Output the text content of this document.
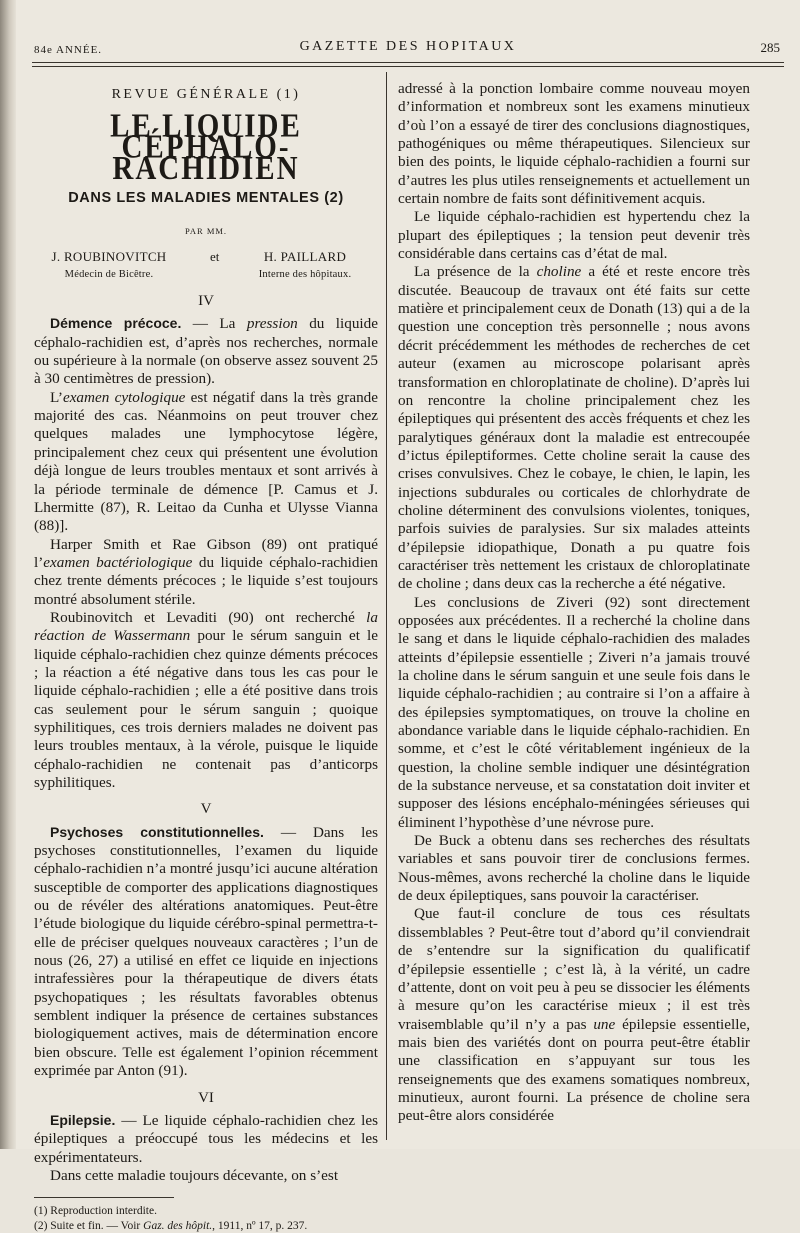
84e ANNÉE.	GAZETTE DES HOPITAUX	285
REVUE GÉNÉRALE (1)
LE LIQUIDE CÉPHALO-RACHIDIEN
DANS LES MALADIES MENTALES (2)
PAR MM.
J. ROUBINOVITCH
Médecin de Bicêtre.
et	H. PAILLARD
Interne des hôpitaux.
IV

Démence précoce. — La pression du liquide céphalo-rachidien est, d’après nos recherches, normale ou supérieure à la normale (on observe assez souvent 25 à 30 centimètres de pression).

L’examen cytologique est négatif dans la très grande majorité des cas. Néanmoins on peut trouver chez quelques malades une lymphocytose légère, principalement chez ceux qui présentent une évolution déjà longue de leurs troubles mentaux et sont arrivés à la période terminale de démence [P. Camus et J. Lhermitte (87), R. Leitao da Cunha et Ulysse Vianna (88)].

Harper Smith et Rae Gibson (89) ont pratiqué l’examen bactériologique du liquide céphalo-rachidien chez trente déments précoces ; le liquide s’est toujours montré absolument stérile.

Roubinovitch et Levaditi (90) ont recherché la réaction de Wassermann pour le sérum sanguin et le liquide céphalo-rachidien chez quinze déments précoces ; la réaction a été négative dans tous les cas pour le liquide céphalo-rachidien ; elle a été positive dans trois cas seulement pour le sérum sanguin ; quoique syphilitiques, ces trois derniers malades ne doivent pas leurs troubles mentaux, à la vérole, puisque le liquide céphalo-rachidien ne contenait pas d’anticorps syphilitiques.

V

Psychoses constitutionnelles. — Dans les psychoses constitutionnelles, l’examen du liquide céphalo-rachidien n’a montré jusqu’ici aucune altération susceptible de comporter des applications diagnostiques ou de révéler des altérations anatomiques. Peut-être l’étude biologique du liquide cérébro-spinal permettra-t-elle de préciser quelques nouveaux caractères ; l’un de nous (26, 27) a utilisé en effet ce liquide en injections intrafessières pour la thérapeutique de divers états psychopatiques ; les résultats favorables obtenus semblent indiquer la présence de certaines substances biologiquement actives, mais de détermination encore bien obscure. Telle est également l’opinion récemment exprimée par Anton (91).

VI

Epilepsie. — Le liquide céphalo-rachidien chez les épileptiques a préoccupé tous les médecins et les expérimentateurs.

Dans cette maladie toujours décevante, on s’est

(1) Reproduction interdite.

(2) Suite et fin. — Voir Gaz. des hôpit., 1911, nº 17, p. 237.

adressé à la ponction lombaire comme nouveau moyen d’information et nombreux sont les examens minutieux d’où l’on a essayé de tirer des conclusions diagnostiques, pathogéniques ou même thérapeutiques. Silencieux sur bien des points, le liquide céphalo-rachidien a fourni sur d’autres les plus utiles renseignements et actuellement un certain nombre de faits sont définitivement acquis.

Le liquide céphalo-rachidien est hypertendu chez la plupart des épileptiques ; la tension peut devenir très considérable dans certains cas d’état de mal.

La présence de la choline a été et reste encore très discutée. Beaucoup de travaux ont été faits sur cette matière et principalement ceux de Donath (13) qui a de la question une conception très personnelle ; nous avons décrit précédemment les méthodes de recherches de cet auteur (examen au microscope polarisant après transformation en chloroplatinate de choline). D’après lui on rencontre la choline principalement chez les épileptiques qui présentent des accès fréquents et chez les paralytiques généraux dont la maladie est entrecoupée d’ictus épileptiformes. Cette choline serait la cause des crises convulsives. Chez le cobaye, le chien, le lapin, les injections subdurales ou corticales de chlorhydrate de choline déterminent des convulsions violentes, toniques, parfois suivies de paralysies. Sur six malades atteints d’épilepsie idiopathique, Donath a pu quatre fois caractériser très nettement les cristaux de chloroplatinate de choline ; dans deux cas la recherche a été négative.

Les conclusions de Ziveri (92) sont directement opposées aux précédentes. Il a recherché la choline dans le sang et dans le liquide céphalo-rachidien des malades atteints d’épilepsie essentielle ; Ziveri n’a jamais trouvé la choline dans le sérum sanguin et une seule fois dans le liquide céphalo-rachidien ; au contraire si l’on a affaire à des épilepsies symptomatiques, on trouve la choline en abondance variable dans le liquide céphalo-rachidien. En somme, et c’est le côté véritablement ingénieux de la question, la choline semble indiquer une désintégration de la substance nerveuse, et sa constatation doit inviter et supposer des lésions encéphalo-méningées sérieuses qui éliminent l’hypothèse d’une névrose pure.

De Buck a obtenu dans ses recherches des résultats variables et sans pouvoir tirer de conclusions fermes. Nous-mêmes, avons recherché la choline dans le liquide de deux épileptiques, sans pouvoir la caractériser.

Que faut-il conclure de tous ces résultats dissemblables ? Peut-être tout d’abord qu’il conviendrait de s’entendre sur la signification du qualificatif d’épilepsie essentielle ; c’est là, à la vérité, un cadre d’attente, dont on voit peu à peu se dissocier les éléments à mesure qu’on les caractérise mieux ; il est très vraisemblable qu’il n’y a pas une épilepsie essentielle, mais bien des variétés dont on pourra peut-être établir une classification en s’appuyant sur tous les renseignements que des examens somatiques nombreux, minutieux, auront fourni. La présence de choline sera peut-être alors considérée
